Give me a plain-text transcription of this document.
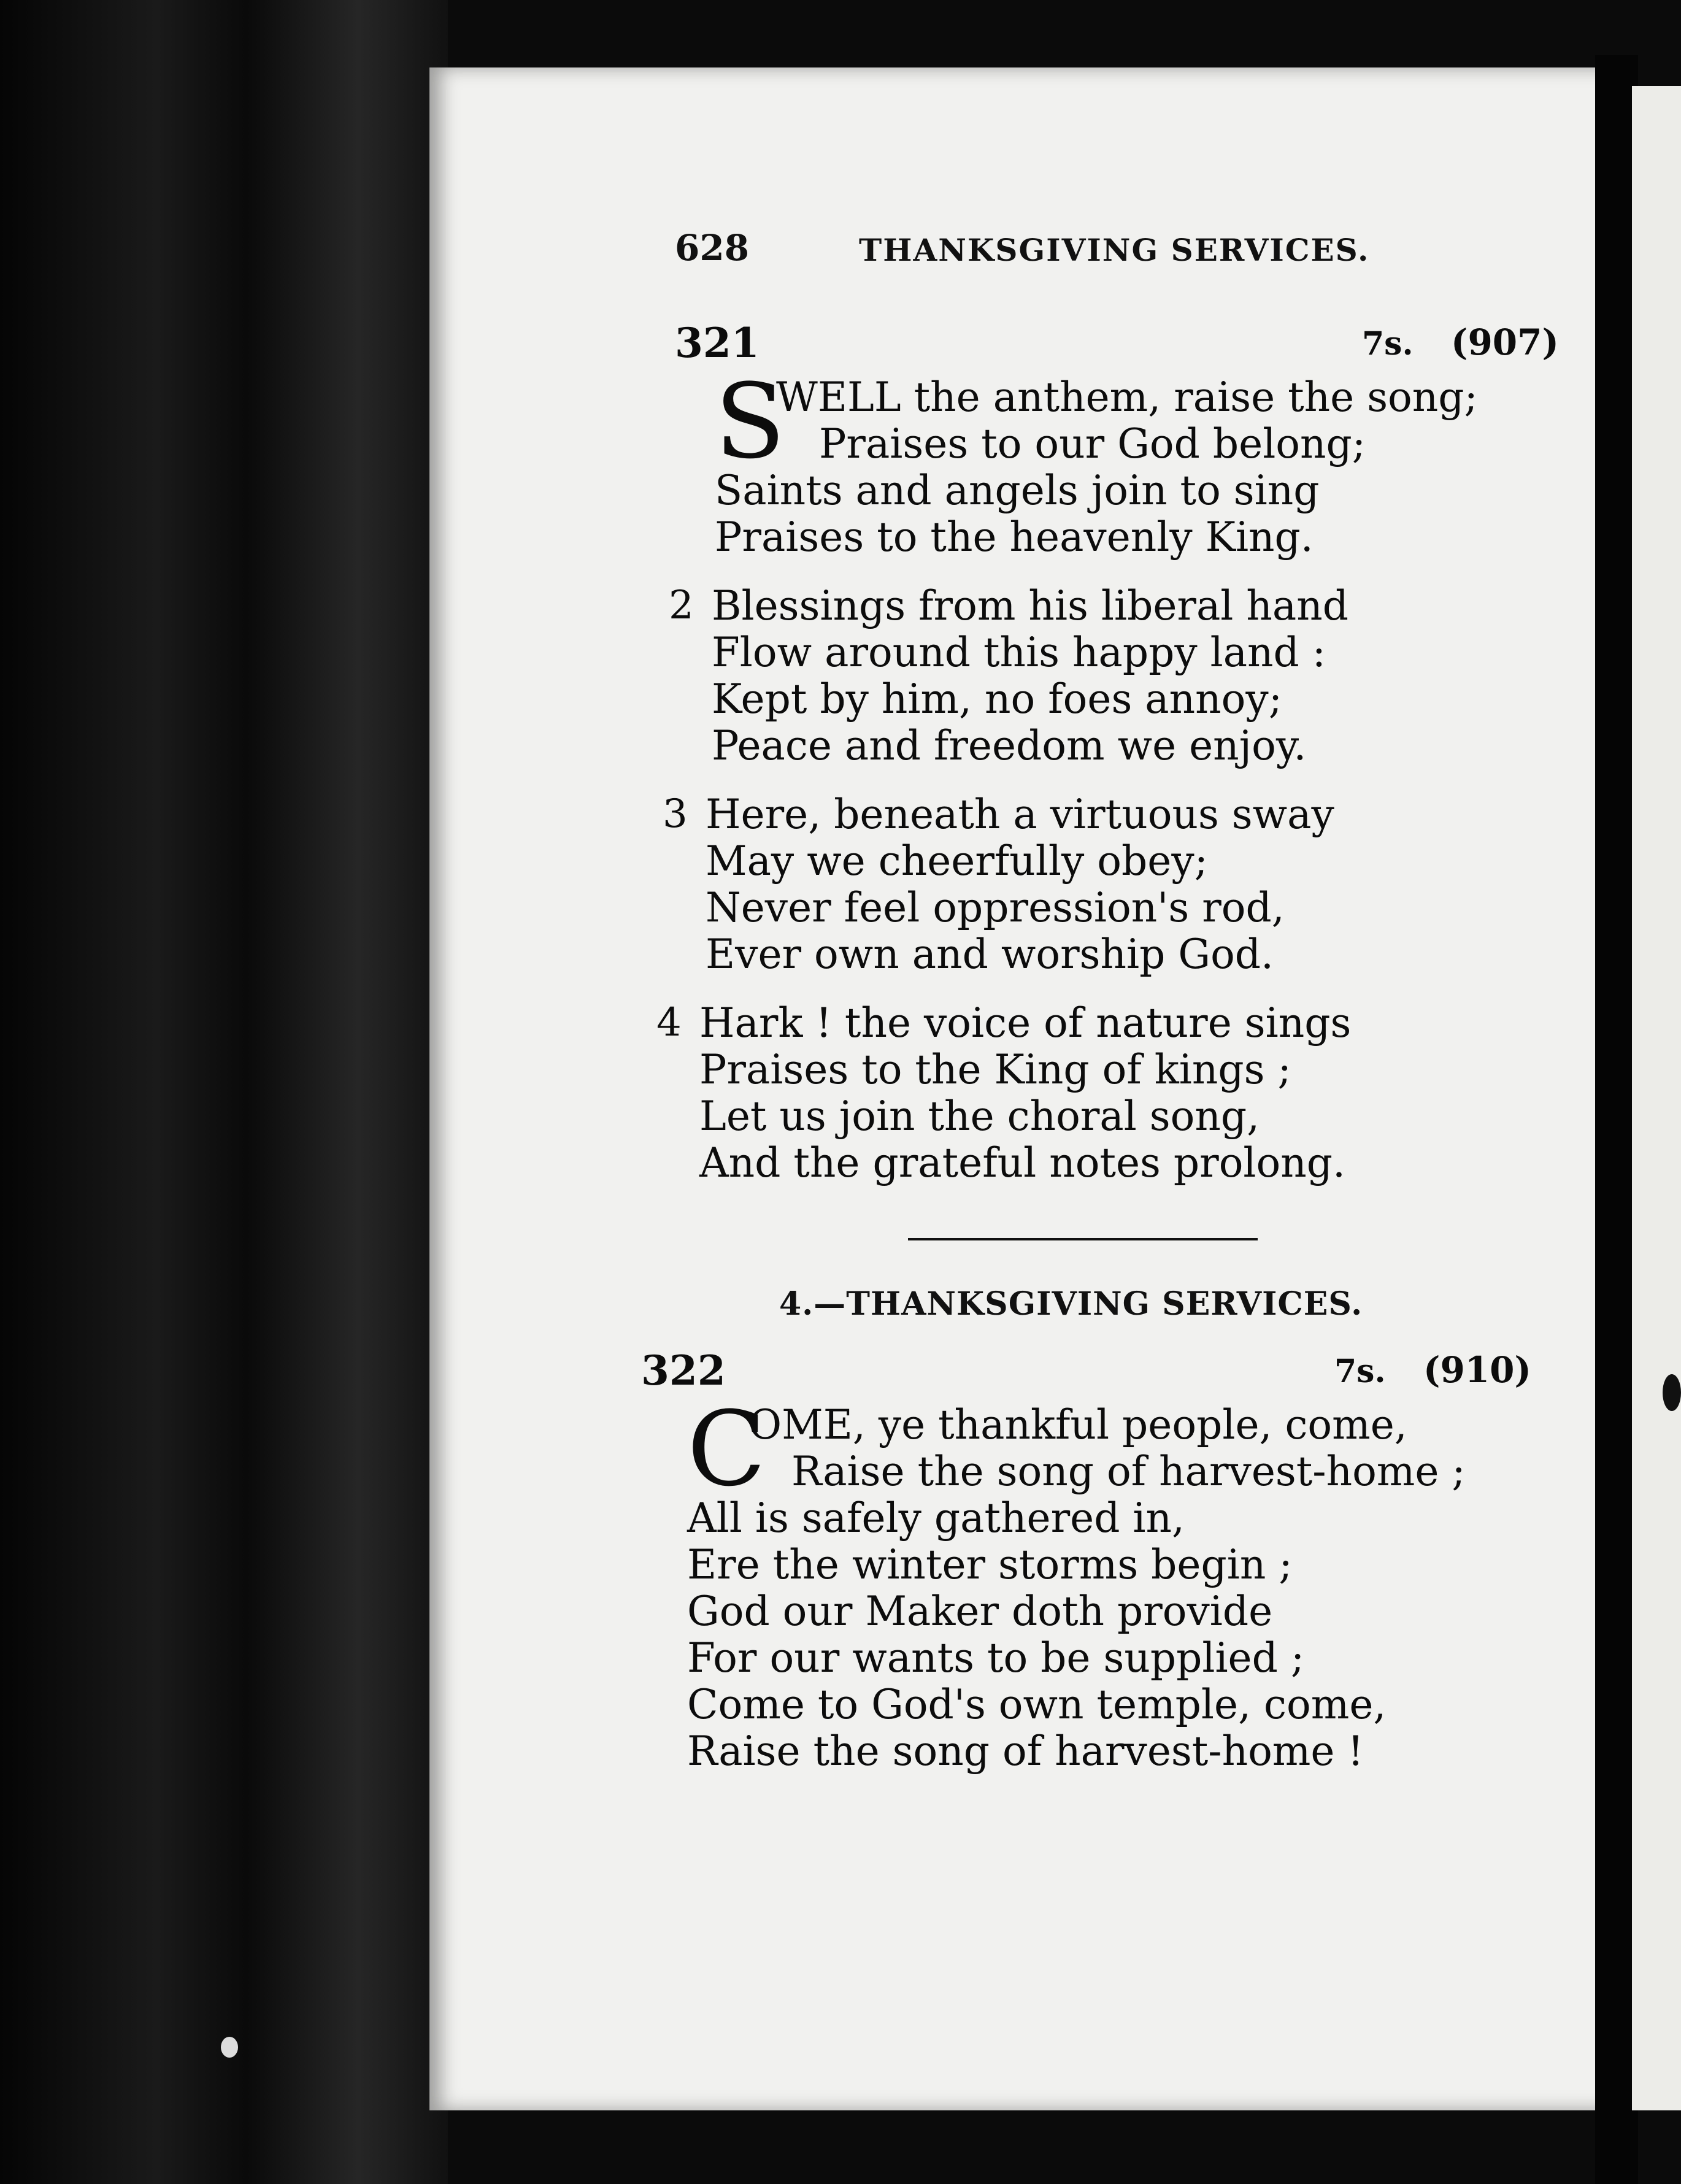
628	THANKSGIVING SERVICES.
321	7s. (907)
S
WELL the anthem, raise the song;
Praises to our God belong;
Saints and angels join to sing
Praises to the heavenly King.
2 Blessings from his liberal hand
Flow around this happy land :
Kept by him, no foes annoy;
Peace and freedom we enjoy.
3 Here, beneath a virtuous sway
May we cheerfully obey;
Never feel oppression's rod,
Ever own and worship God.
4 Hark ! the voice of nature sings
Praises to the King of kings ;
Let us join the choral song,
And the grateful notes prolong.
4.—THANKSGIVING SERVICES.
322	7s. (910)
C
OME, ye thankful people, come,
Raise the song of harvest-home ;
All is safely gathered in,
Ere the winter storms begin ;
God our Maker doth provide
For our wants to be supplied ;
Come to God's own temple, come,
Raise the song of harvest-home !
